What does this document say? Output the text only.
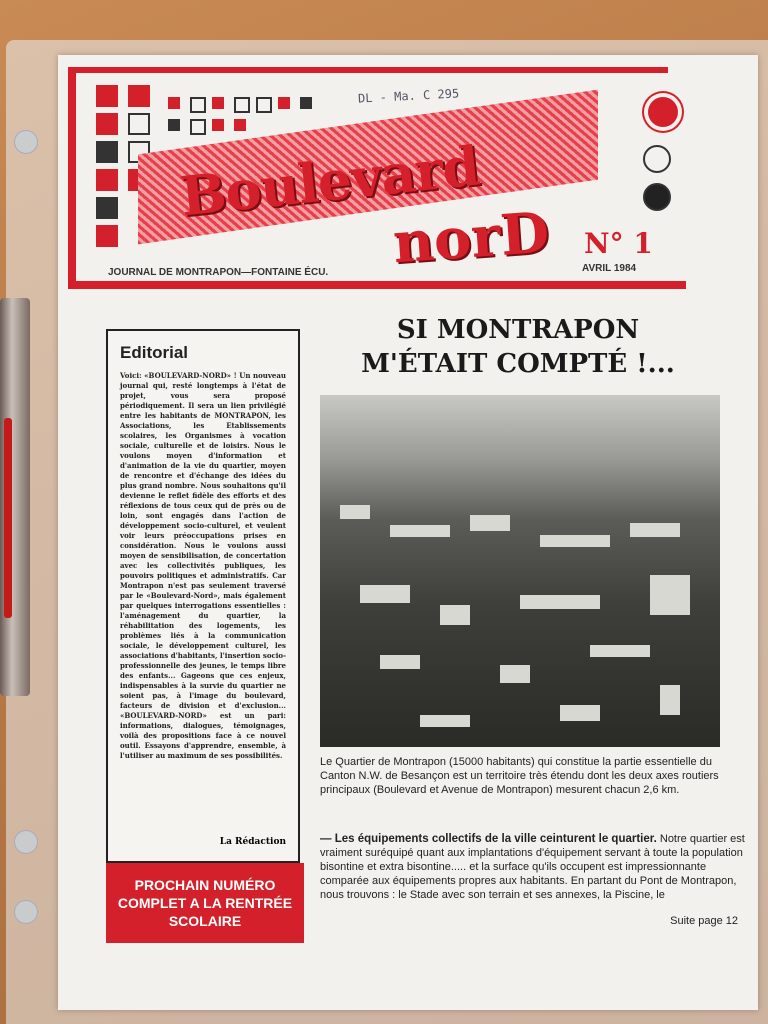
Boulevard
norD
DL - Ma. C 295
N° 1
AVRIL 1984
JOURNAL DE MONTRAPON—FONTAINE ÉCU.
Editorial
Voici: «BOULEVARD-NORD» ! Un nouveau journal qui, resté longtemps à l'état de projet, vous sera proposé périodiquement. Il sera un lien privilégié entre les habitants de MONTRAPON, les Associations, les Etablissements scolaires, les Organismes à vocation sociale, culturelle et de loisirs. Nous le voulons moyen d'information et d'animation de la vie du quartier, moyen de rencontre et d'échange des idées du plus grand nombre. Nous souhaitons qu'il devienne le reflet fidèle des efforts et des réflexions de tous ceux qui de près ou de loin, sont engagés dans l'action de développement socio-culturel, et veulent voir leurs préoccupations prises en considération. Nous le voulons aussi moyen de sensibilisation, de concertation avec les collectivités publiques, les pouvoirs politiques et administratifs. Car Montrapon n'est pas seulement traversé par le «Boulevard-Nord», mais également par quelques interrogations essentielles : l'aménagement du quartier, la réhabilitation des logements, les problèmes liés à la communication sociale, le développement culturel, les associations d'habitants, l'insertion socio-professionnelle des jeunes, le temps libre des enfants... Gageons que ces enjeux, indispensables à la survie du quartier ne soient pas, à l'image du boulevard, facteurs de division et d'exclusion... «BOULEVARD-NORD» est un pari: informations, dialogues, témoignages, voilà des propositions face à ce nouvel outil. Essayons d'apprendre, ensemble, à l'utiliser au maximum de ses possibilités.
La Rédaction
PROCHAIN NUMÉRO COMPLET A LA RENTRÉE SCOLAIRE
SI MONTRAPON
M'ÉTAIT COMPTÉ !...
Le Quartier de Montrapon (15000 habitants) qui constitue la partie essentielle du Canton N.W. de Besançon est un territoire très étendu dont les deux axes routiers principaux (Boulevard et Avenue de Montrapon) mesurent chacun 2,6 km.
— Les équipements collectifs de la ville ceinturent le quartier. Notre quartier est vraiment suréquipé quant aux implantations d'équipement servant à toute la population bisontine et extra bisontine..... et la surface qu'ils occupent est impressionnante comparée aux équipements propres aux habitants. En partant du Pont de Montrapon, nous trouvons : le Stade avec son terrain et ses annexes, la Piscine, le
Suite page 12
